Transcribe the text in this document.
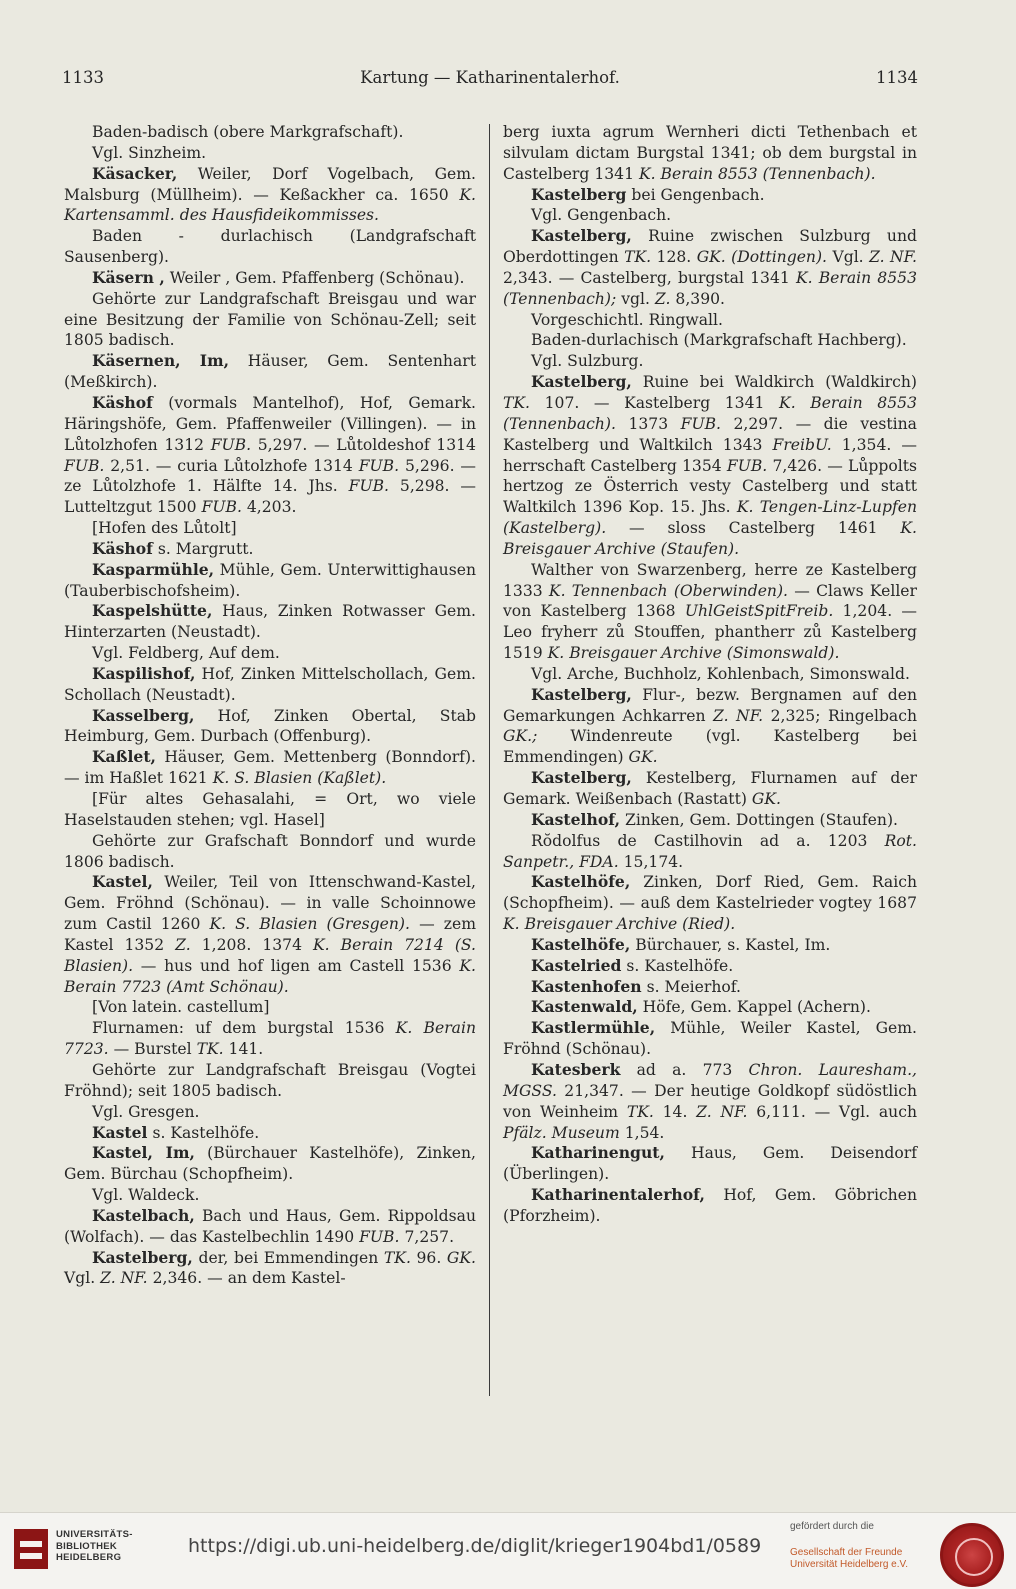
1133	Kartung — Katharinentalerhof.	1134

Baden-badisch (obere Markgrafschaft).

Vgl. Sinzheim.

Käsacker, Weiler, Dorf Vogelbach, Gem. Malsburg (Müllheim). — Keßackher ca. 1650 K. Kartensamml. des Hausfideikommisses.

Baden - durlachisch (Landgrafschaft Sausenberg).

Käsern , Weiler , Gem. Pfaffenberg (Schönau).

Gehörte zur Landgrafschaft Breisgau und war eine Besitzung der Familie von Schönau-Zell; seit 1805 badisch.

Käsernen, Im, Häuser, Gem. Sentenhart (Meßkirch).

Käshof (vormals Mantelhof), Hof, Gemark. Häringshöfe, Gem. Pfaffenweiler (Villingen). — in Lůtolzhofen 1312 FUB. 5,297. — Lůtoldeshof 1314 FUB. 2,51. — curia Lůtolzhofe 1314 FUB. 5,296. — ze Lůtolzhofe 1. Hälfte 14. Jhs. FUB. 5,298. — Lutteltzgut 1500 FUB. 4,203.

[Hofen des Lůtolt]

Käshof s. Margrutt.

Kasparmühle, Mühle, Gem. Unterwittighausen (Tauberbischofsheim).

Kaspelshütte, Haus, Zinken Rotwasser Gem. Hinterzarten (Neustadt).

Vgl. Feldberg, Auf dem.

Kaspilishof, Hof, Zinken Mittelschollach, Gem. Schollach (Neustadt).

Kasselberg, Hof, Zinken Obertal, Stab Heimburg, Gem. Durbach (Offenburg).

Kaßlet, Häuser, Gem. Mettenberg (Bonndorf). — im Haßlet 1621 K. S. Blasien (Kaßlet).

[Für altes Gehasalahi, = Ort, wo viele Haselstauden stehen; vgl. Hasel]

Gehörte zur Grafschaft Bonndorf und wurde 1806 badisch.

Kastel, Weiler, Teil von Ittenschwand-Kastel, Gem. Fröhnd (Schönau). — in valle Schoinnowe zum Castil 1260 K. S. Blasien (Gresgen). — zem Kastel 1352 Z. 1,208. 1374 K. Berain 7214 (S. Blasien). — hus und hof ligen am Castell 1536 K. Berain 7723 (Amt Schönau).

[Von latein. castellum]

Flurnamen: uf dem burgstal 1536 K. Berain 7723. — Burstel TK. 141.

Gehörte zur Landgrafschaft Breisgau (Vogtei Fröhnd); seit 1805 badisch.

Vgl. Gresgen.

Kastel s. Kastelhöfe.

Kastel, Im, (Bürchauer Kastelhöfe), Zinken, Gem. Bürchau (Schopfheim).

Vgl. Waldeck.

Kastelbach, Bach und Haus, Gem. Rippoldsau (Wolfach). — das Kastelbechlin 1490 FUB. 7,257.

Kastelberg, der, bei Emmendingen TK. 96. GK. Vgl. Z. NF. 2,346. — an dem Kastel-

berg iuxta agrum Wernheri dicti Tethenbach et silvulam dictam Burgstal 1341; ob dem burgstal in Castelberg 1341 K. Berain 8553 (Tennenbach).

Kastelberg bei Gengenbach.

Vgl. Gengenbach.

Kastelberg, Ruine zwischen Sulzburg und Oberdottingen TK. 128. GK. (Dottingen). Vgl. Z. NF. 2,343. — Castelberg, burgstal 1341 K. Berain 8553 (Tennenbach); vgl. Z. 8,390.

Vorgeschichtl. Ringwall.

Baden-durlachisch (Markgrafschaft Hachberg).

Vgl. Sulzburg.

Kastelberg, Ruine bei Waldkirch (Waldkirch) TK. 107. — Kastelberg 1341 K. Berain 8553 (Tennenbach). 1373 FUB. 2,297. — die vestina Kastelberg und Waltkilch 1343 FreibU. 1,354. — herrschaft Castelberg 1354 FUB. 7,426. — Lůppolts hertzog ze Österrich vesty Castelberg und statt Waltkilch 1396 Kop. 15. Jhs. K. Tengen-Linz-Lupfen (Kastelberg). — sloss Castelberg 1461 K. Breisgauer Archive (Staufen).

Walther von Swarzenberg, herre ze Kastelberg 1333 K. Tennenbach (Oberwinden). — Claws Keller von Kastelberg 1368 UhlGeistSpitFreib. 1,204. — Leo fryherr zů Stouffen, phantherr zů Kastelberg 1519 K. Breisgauer Archive (Simonswald).

Vgl. Arche, Buchholz, Kohlenbach, Simonswald.

Kastelberg, Flur-, bezw. Bergnamen auf den Gemarkungen Achkarren Z. NF. 2,325; Ringelbach GK.; Windenreute (vgl. Kastelberg bei Emmendingen) GK.

Kastelberg, Kestelberg, Flurnamen auf der Gemark. Weißenbach (Rastatt) GK.

Kastelhof, Zinken, Gem. Dottingen (Staufen).

Rŏdolfus de Castilhovin ad a. 1203 Rot. Sanpetr., FDA. 15,174.

Kastelhöfe, Zinken, Dorf Ried, Gem. Raich (Schopfheim). — auß dem Kastelrieder vogtey 1687 K. Breisgauer Archive (Ried).

Kastelhöfe, Bürchauer, s. Kastel, Im.

Kastelried s. Kastelhöfe.

Kastenhofen s. Meierhof.

Kastenwald, Höfe, Gem. Kappel (Achern).

Kastlermühle, Mühle, Weiler Kastel, Gem. Fröhnd (Schönau).

Katesberk ad a. 773 Chron. Lauresham., MGSS. 21,347. — Der heutige Goldkopf südöstlich von Weinheim TK. 14. Z. NF. 6,111. — Vgl. auch Pfälz. Museum 1,54.

Katharinengut, Haus, Gem. Deisendorf (Überlingen).

Katharinentalerhof, Hof, Gem. Göbrichen (Pforzheim).

UNIVERSITÄTS-
BIBLIOTHEK
HEIDELBERG
https://digi.ub.uni-heidelberg.de/diglit/krieger1904bd1/0589
gefördert durch die
Gesellschaft der Freunde
Universität Heidelberg e.V.
